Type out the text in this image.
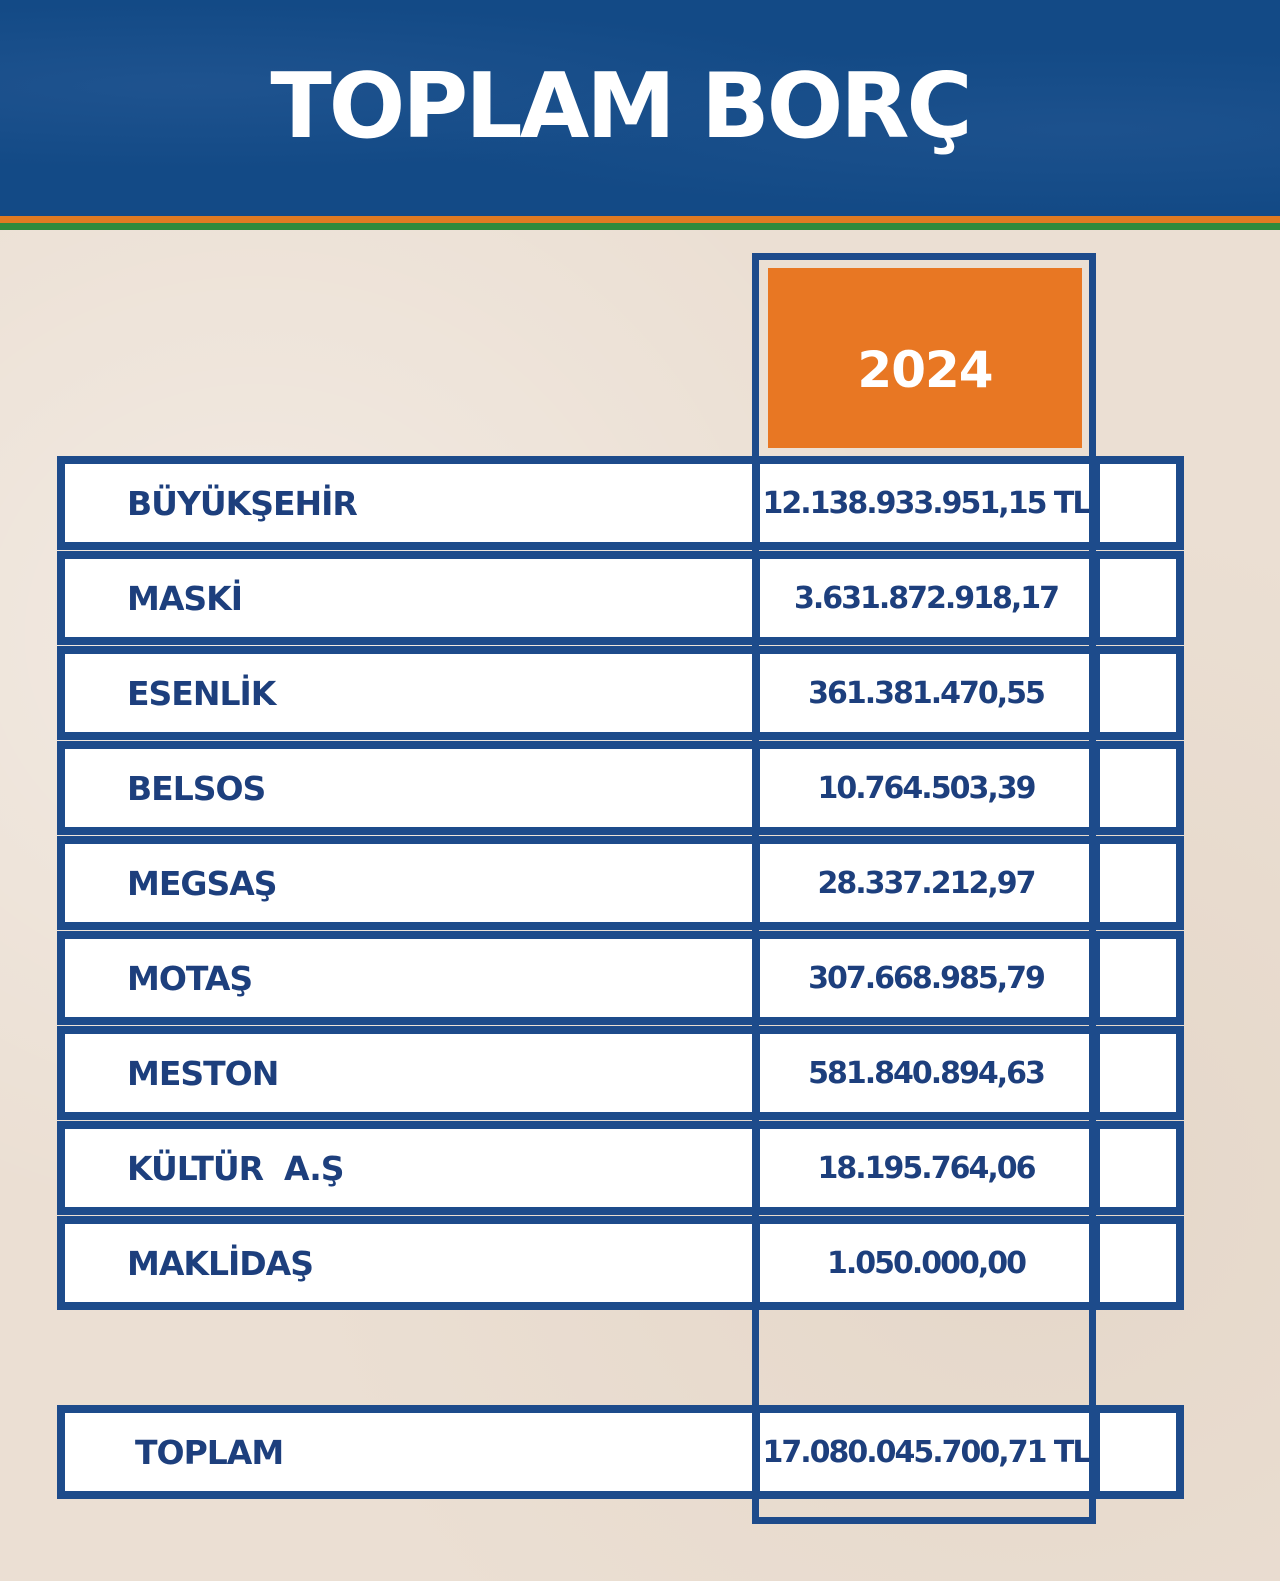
TOPLAM BORÇ
2024
BÜYÜKŞEHİR	12.138.933.951,15 TL
MASKİ	3.631.872.918,17
ESENLİK	361.381.470,55
BELSOS	10.764.503,39
MEGSAŞ	28.337.212,97
MOTAŞ	307.668.985,79
MESTON	581.840.894,63
KÜLTÜR  A.Ş	18.195.764,06
MAKLİDAŞ	1.050.000,00
TOPLAM	17.080.045.700,71 TL
